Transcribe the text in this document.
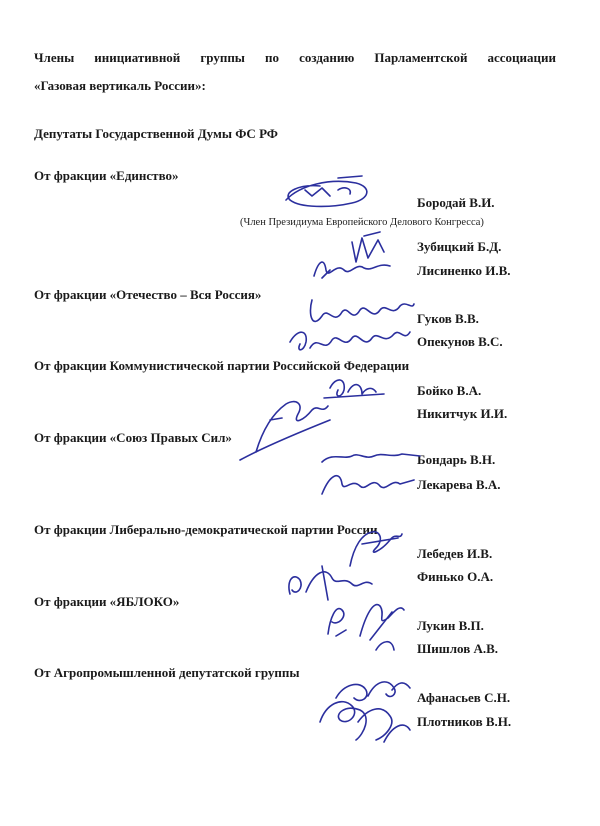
Члены инициативной группы по созданию Парламентской ассоциации
«Газовая вертикаль России»:
Депутаты Государственной Думы ФС РФ
От фракции «Единство»
Бородай В.И.
(Член Президиума Европейского Делового Конгресса)
Зубицкий Б.Д.
Лисиненко И.В.
От фракции «Отечество – Вся Россия»
Гуков В.В.
Опекунов В.С.
От фракции Коммунистической партии Российской Федерации
Бойко В.А.
Никитчук И.И.
От фракции «Союз Правых Сил»
Бондарь В.Н.
Лекарева В.А.
От фракции Либерально-демократической партии России
Лебедев И.В.
Финько О.А.
От фракции «ЯБЛОКО»
Лукин В.П.
Шишлов А.В.
От Агропромышленной депутатской группы
Афанасьев С.Н.
Плотников В.Н.
